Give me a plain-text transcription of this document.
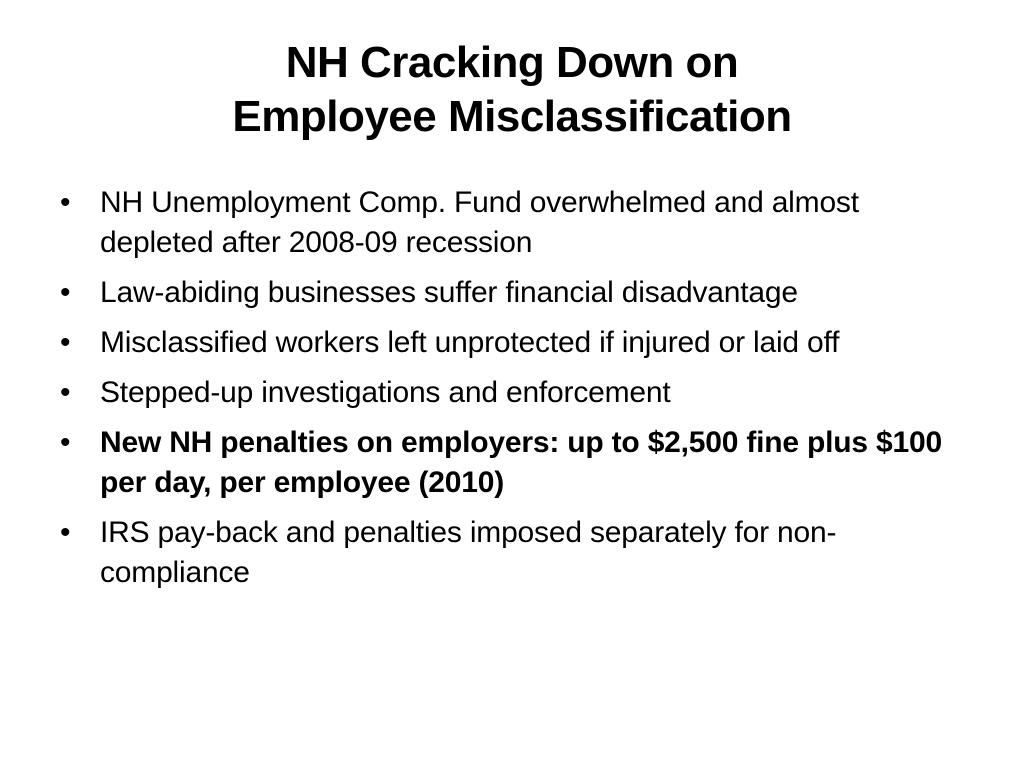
NH Cracking Down on
Employee Misclassification
• NH Unemployment Comp. Fund overwhelmed and almost depleted after 2008-09 recession
• Law-abiding businesses suffer financial disadvantage
• Misclassified workers left unprotected if injured or laid off
• Stepped-up investigations and enforcement
• New NH penalties on employers: up to $2,500 fine plus $100 per day, per employee (2010)
• IRS pay-back and penalties imposed separately for non-compliance
